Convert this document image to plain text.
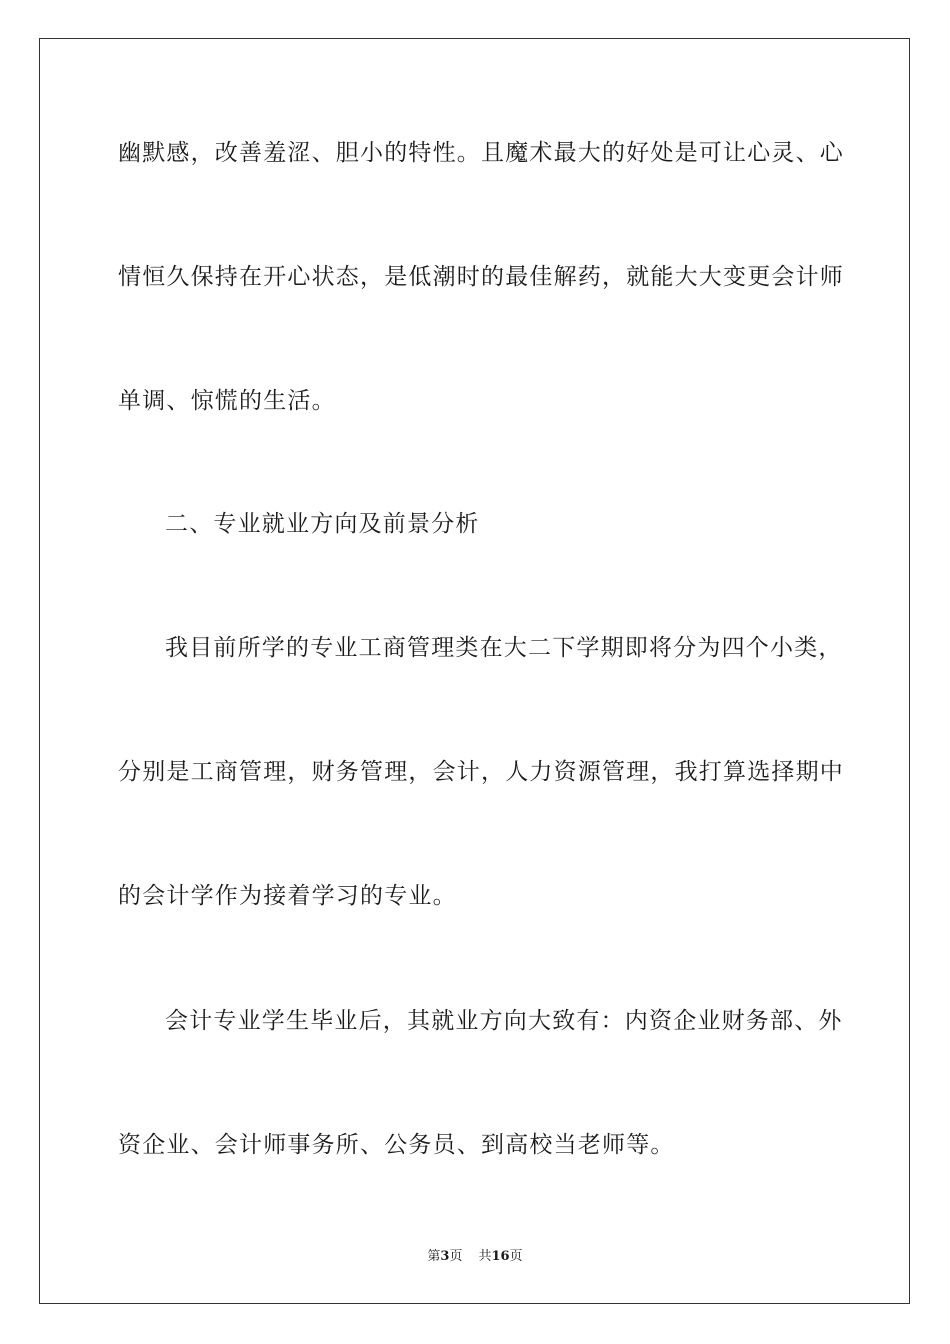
幽默感，改善羞涩、胆小的特性。且魔术最大的好处是可让心灵、心
情恒久保持在开心状态，是低潮时的最佳解药，就能大大变更会计师
单调、惊慌的生活。
二、专业就业方向及前景分析
我目前所学的专业工商管理类在大二下学期即将分为四个小类，
分别是工商管理，财务管理，会计，人力资源管理，我打算选择期中
的会计学作为接着学习的专业。
会计专业学生毕业后，其就业方向大致有：内资企业财务部、外
资企业、会计师事务所、公务员、到高校当老师等。
第3页 共16页
